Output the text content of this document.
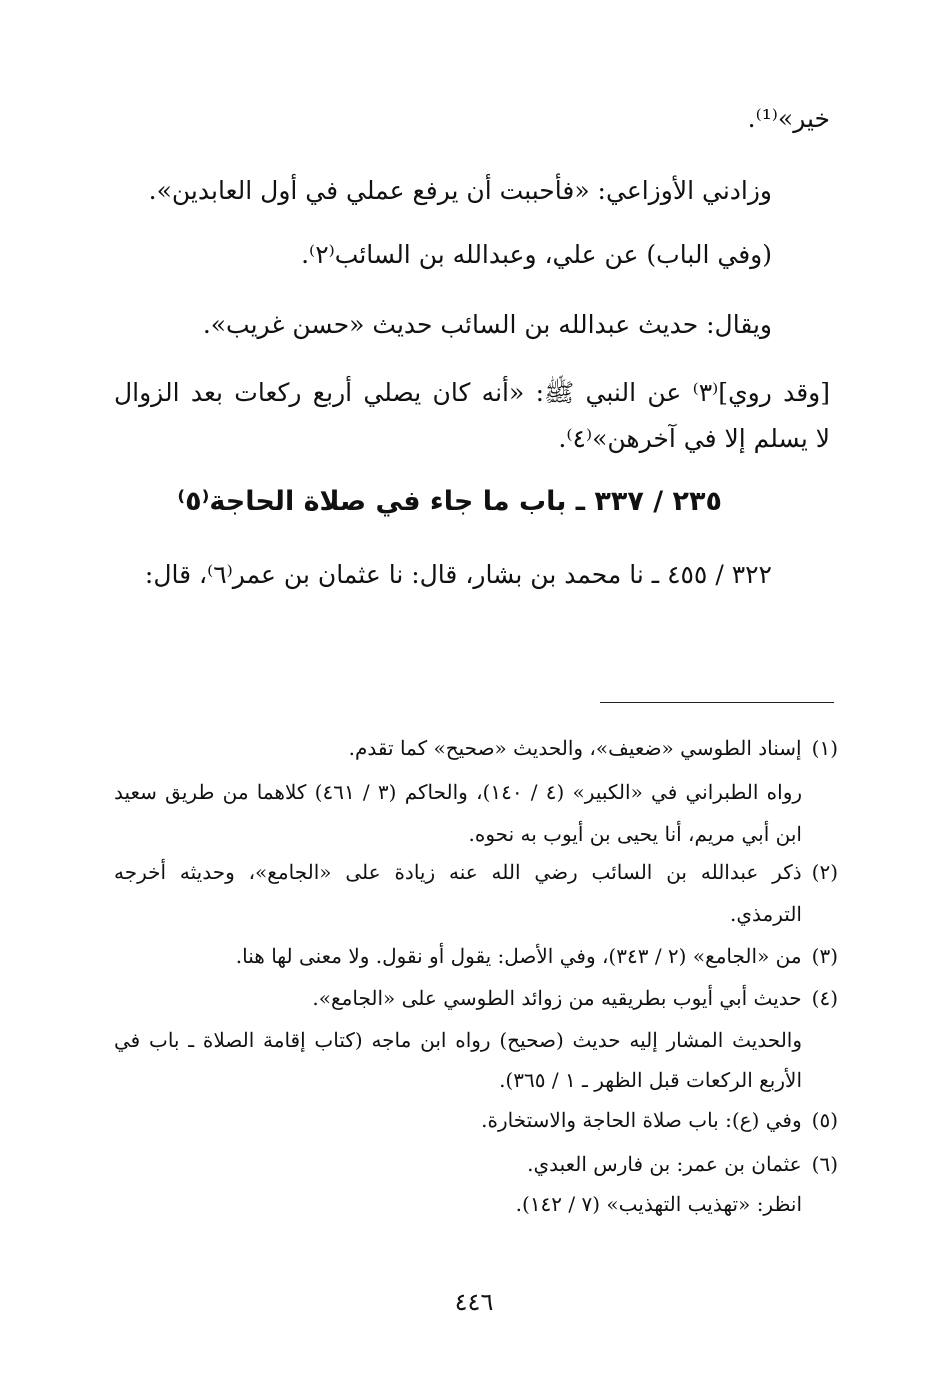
خير»⁽¹⁾.
وزادني الأوزاعي: «فأحببت أن يرفع عملي في أول العابدين».
(وفي الباب) عن علي، وعبدالله بن السائب⁽٢⁾.
ويقال: حديث عبدالله بن السائب حديث «حسن غريب».
[وقد روي]⁽٣⁾ عن النبي ﷺ: «أنه كان يصلي أربع ركعات بعد الزوال
لا يسلم إلا في آخرهن»⁽٤⁾.
٢٣٥ / ٣٣٧ ـ باب ما جاء في صلاة الحاجة⁽٥⁾
٣٢٢ / ٤٥٥ ـ نا محمد بن بشار، قال: نا عثمان بن عمر⁽٦⁾، قال:
(١)إسناد الطوسي «ضعيف»، والحديث «صحيح» كما تقدم.
رواه الطبراني في «الكبير» (٤ / ١٤٠)، والحاكم (٣ / ٤٦١) كلاهما من طريق سعيد
ابن أبي مريم، أنا يحيى بن أيوب به نحوه.
(٢)ذكر عبدالله بن السائب رضي الله عنه زيادة على «الجامع»، وحديثه أخرجه
الترمذي.
(٣)من «الجامع» (٢ / ٣٤٣)، وفي الأصل: يقول أو نقول. ولا معنى لها هنا.
(٤)حديث أبي أيوب بطريقيه من زوائد الطوسي على «الجامع».
والحديث المشار إليه حديث (صحيح) رواه ابن ماجه (كتاب إقامة الصلاة ـ باب في
الأربع الركعات قبل الظهر ـ ١ / ٣٦٥).
(٥)وفي (ع): باب صلاة الحاجة والاستخارة.
(٦)عثمان بن عمر: بن فارس العبدي.
انظر: «تهذيب التهذيب» (٧ / ١٤٢).
٤٤٦
